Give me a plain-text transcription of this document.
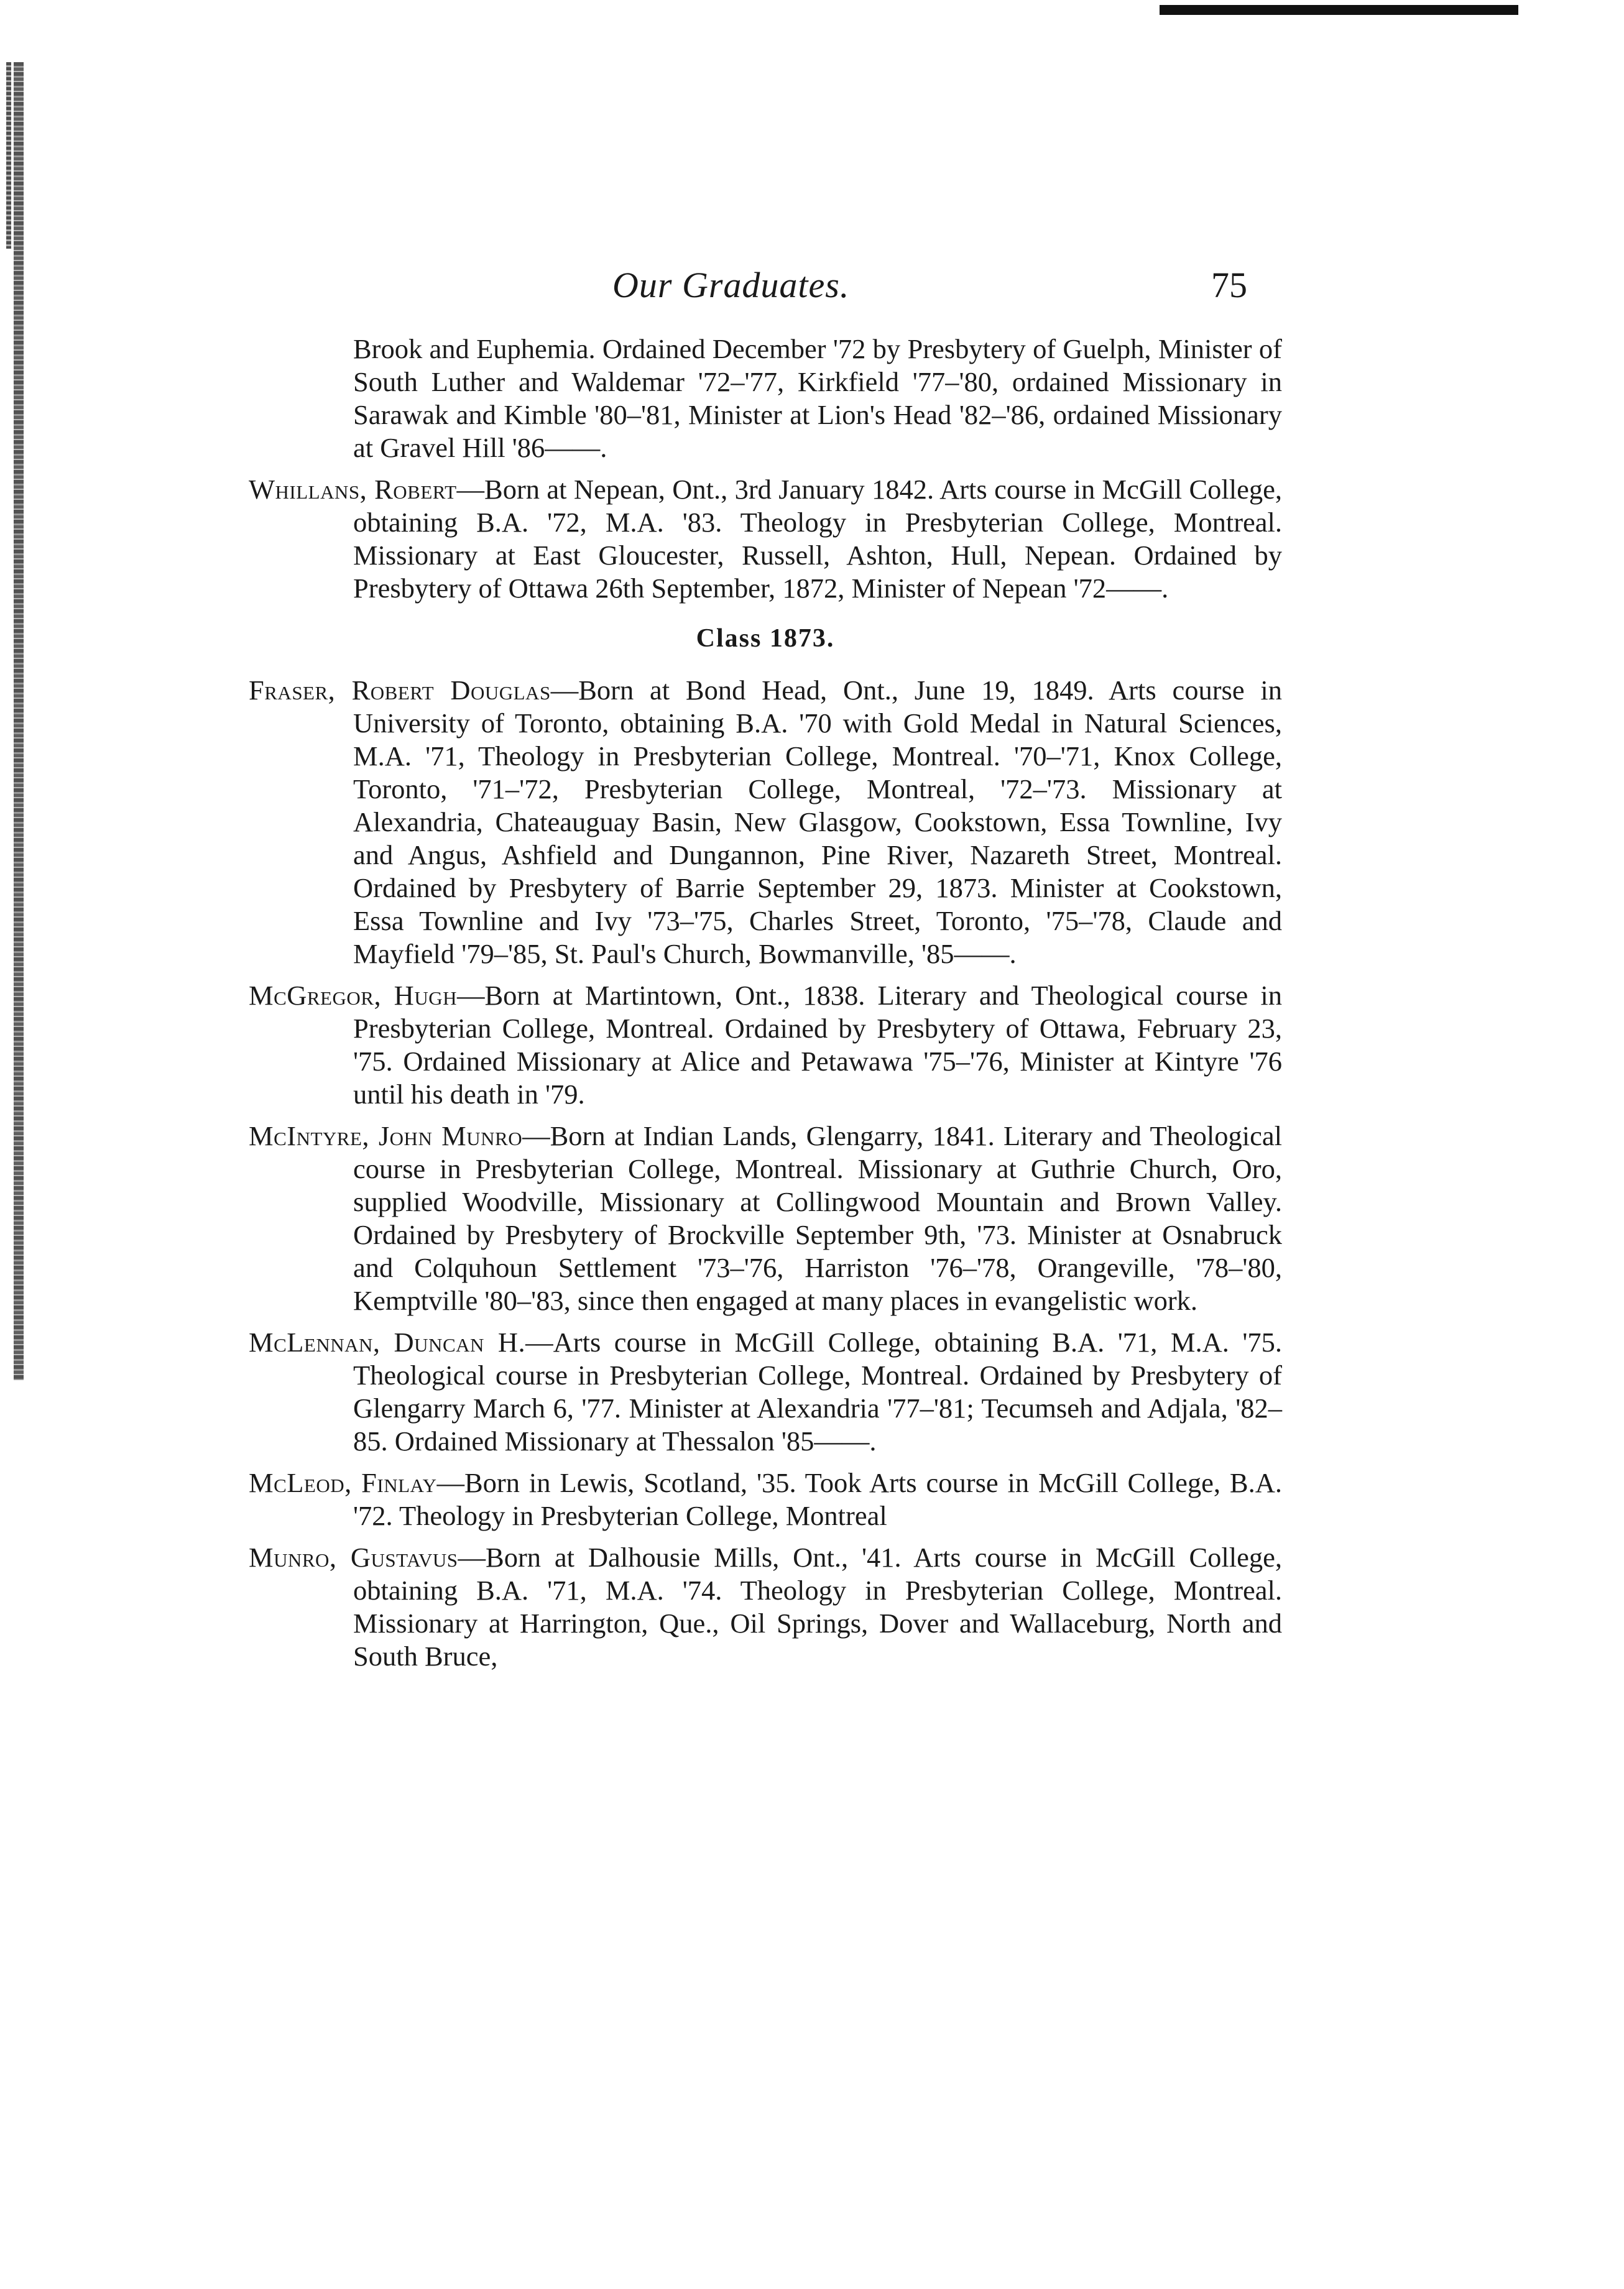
Our Graduates.	75

Brook and Euphemia. Ordained December '72 by Presbytery of Guelph, Minister of South Luther and Waldemar '72–'77, Kirkfield '77–'80, ordained Missionary in Sarawak and Kimble '80–'81, Minister at Lion's Head '82–'86, ordained Missionary at Gravel Hill '86——.

Whillans, Robert—Born at Nepean, Ont., 3rd January 1842. Arts course in McGill College, obtaining B.A. '72, M.A. '83. Theology in Presbyterian College, Montreal. Missionary at East Gloucester, Russell, Ashton, Hull, Nepean. Ordained by Presbytery of Ottawa 26th September, 1872, Minister of Nepean '72——.

Class 1873.

Fraser, Robert Douglas—Born at Bond Head, Ont., June 19, 1849. Arts course in University of Toronto, obtaining B.A. '70 with Gold Medal in Natural Sciences, M.A. '71, Theology in Presbyterian College, Montreal. '70–'71, Knox College, Toronto, '71–'72, Presbyterian College, Montreal, '72–'73. Missionary at Alexandria, Chateauguay Basin, New Glasgow, Cookstown, Essa Townline, Ivy and Angus, Ashfield and Dungannon, Pine River, Nazareth Street, Montreal. Ordained by Presbytery of Barrie September 29, 1873. Minister at Cookstown, Essa Townline and Ivy '73–'75, Charles Street, Toronto, '75–'78, Claude and Mayfield '79–'85, St. Paul's Church, Bowmanville, '85——.

McGregor, Hugh—Born at Martintown, Ont., 1838. Literary and Theological course in Presbyterian College, Montreal. Ordained by Presbytery of Ottawa, February 23, '75. Ordained Missionary at Alice and Petawawa '75–'76, Minister at Kintyre '76 until his death in '79.

McIntyre, John Munro—Born at Indian Lands, Glengarry, 1841. Literary and Theological course in Presbyterian College, Montreal. Missionary at Guthrie Church, Oro, supplied Woodville, Missionary at Collingwood Mountain and Brown Valley. Ordained by Presbytery of Brockville September 9th, '73. Minister at Osnabruck and Colquhoun Settlement '73–'76, Harriston '76–'78, Orangeville, '78–'80, Kemptville '80–'83, since then engaged at many places in evangelistic work.

McLennan, Duncan H.—Arts course in McGill College, obtaining B.A. '71, M.A. '75. Theological course in Presbyterian College, Montreal. Ordained by Presbytery of Glengarry March 6, '77. Minister at Alexandria '77–'81; Tecumseh and Adjala, '82–85. Ordained Missionary at Thessalon '85——.

McLeod, Finlay—Born in Lewis, Scotland, '35. Took Arts course in McGill College, B.A. '72. Theology in Presbyterian College, Montreal

Munro, Gustavus—Born at Dalhousie Mills, Ont., '41. Arts course in McGill College, obtaining B.A. '71, M.A. '74. Theology in Presbyterian College, Montreal. Missionary at Harrington, Que., Oil Springs, Dover and Wallaceburg, North and South Bruce,
